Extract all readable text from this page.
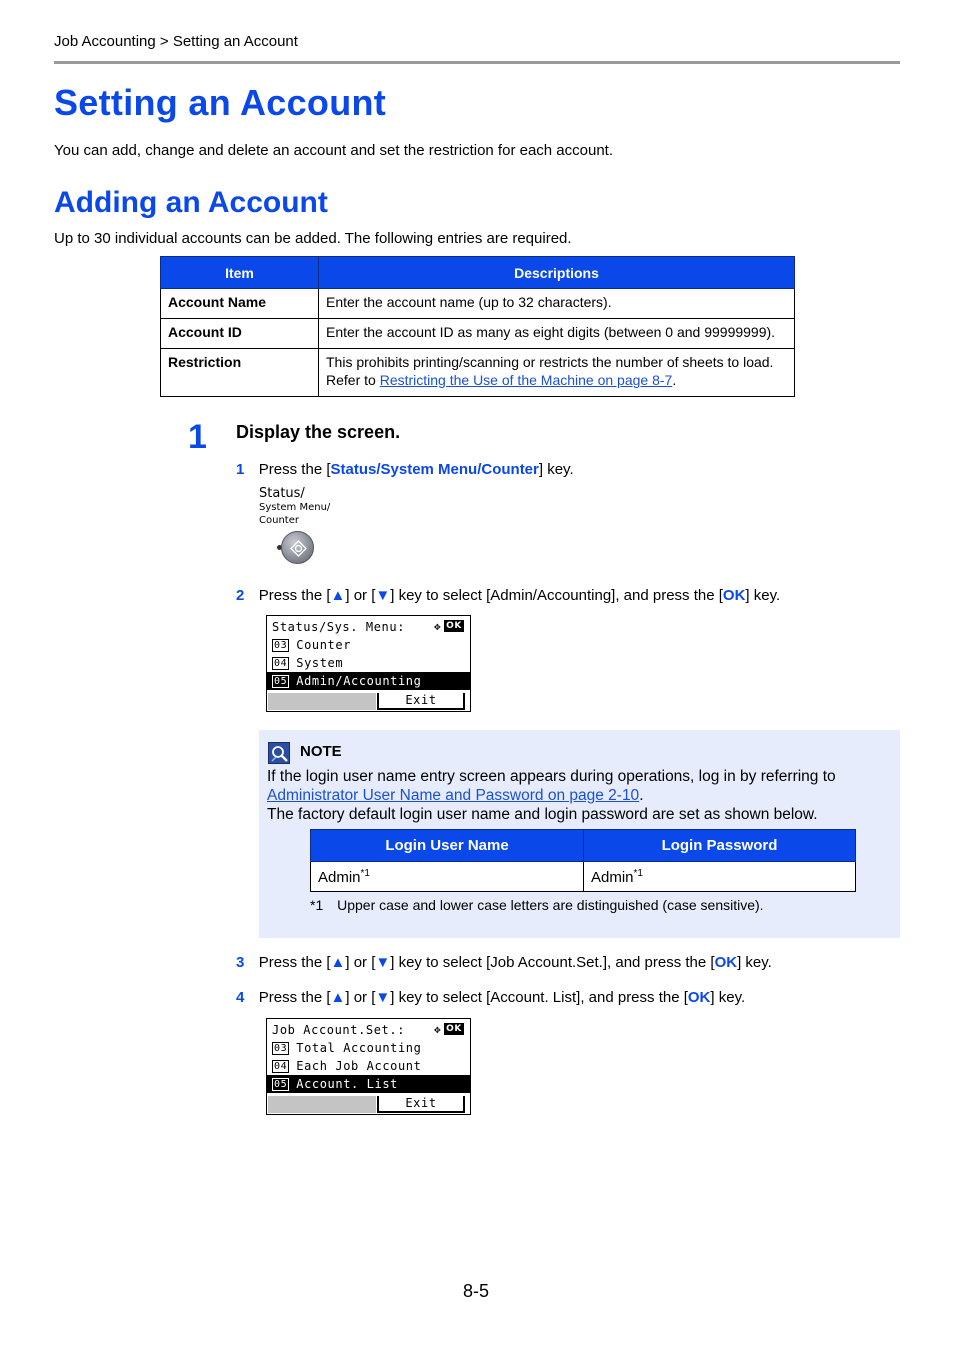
Job Accounting > Setting an Account
Setting an Account

You can add, change and delete an account and set the restriction for each account.

Adding an Account

Up to 30 individual accounts can be added. The following entries are required.

Item	Descriptions
Account Name	Enter the account name (up to 32 characters).
Account ID	Enter the account ID as many as eight digits (between 0 and 99999999).
Restriction	This prohibits printing/scanning or restricts the number of sheets to load.
Refer to Restricting the Use of the Machine on page 8-7.
1 Display the screen.
1 Press the [Status/System Menu/Counter] key.
Status/
System Menu/
Counter
2 Press the [▲] or [▼] key to select [Admin/Accounting], and press the [OK] key.
Status/Sys. Menu:	✥ OK
03 Counter
04 System
05 Admin/Accounting
Exit
NOTE
If the login user name entry screen appears during operations, log in by referring to
Administrator User Name and Password on page 2-10.
The factory default login user name and login password are set as shown below.
Login User Name	Login Password
Admin$^{*1}$	Admin$^{*1}$
*1 Upper case and lower case letters are distinguished (case sensitive).
3 Press the [▲] or [▼] key to select [Job Account.Set.], and press the [OK] key.
4 Press the [▲] or [▼] key to select [Account. List], and press the [OK] key.
Job Account.Set.:	✥ OK
03 Total Accounting
04 Each Job Account
05 Account. List
Exit
8-5
